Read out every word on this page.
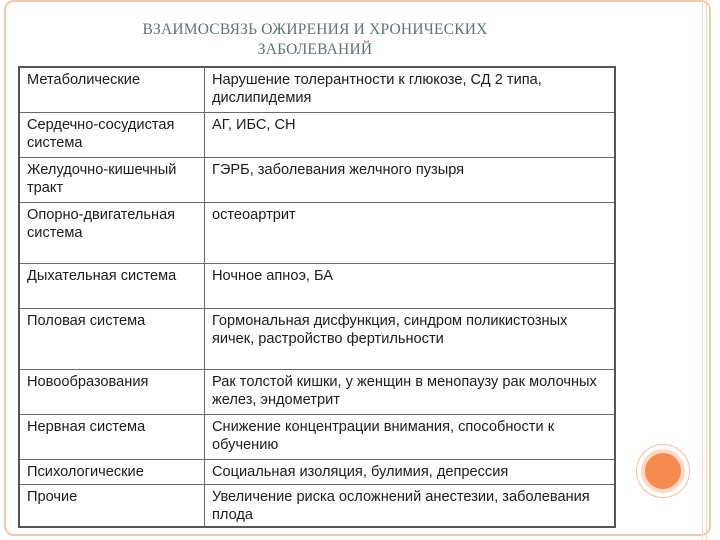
ВЗАИМОСВЯЗЬ ОЖИРЕНИЯ И ХРОНИЧЕСКИХ
ЗАБОЛЕВАНИЙ
Метаболические	Нарушение толерантности к глюкозе, СД 2 типа, дислипидемия
Сердечно-сосудистая система	АГ, ИБС, СН
Желудочно-кишечный тракт	ГЭРБ, заболевания желчного пузыря
Опорно-двигательная система	остеоартрит
Дыхательная система	Ночное апноэ, БА
Половая система	Гормональная дисфункция, синдром поликистозных яичек, растройство фертильности
Новообразования	Рак толстой кишки, у женщин в менопаузу рак молочных желез, эндометрит
Нервная система	Снижение концентрации внимания, способности к обучению
Психологические	Социальная изоляция, булимия, депрессия
Прочие	Увеличение риска осложнений анестезии, заболевания плода
